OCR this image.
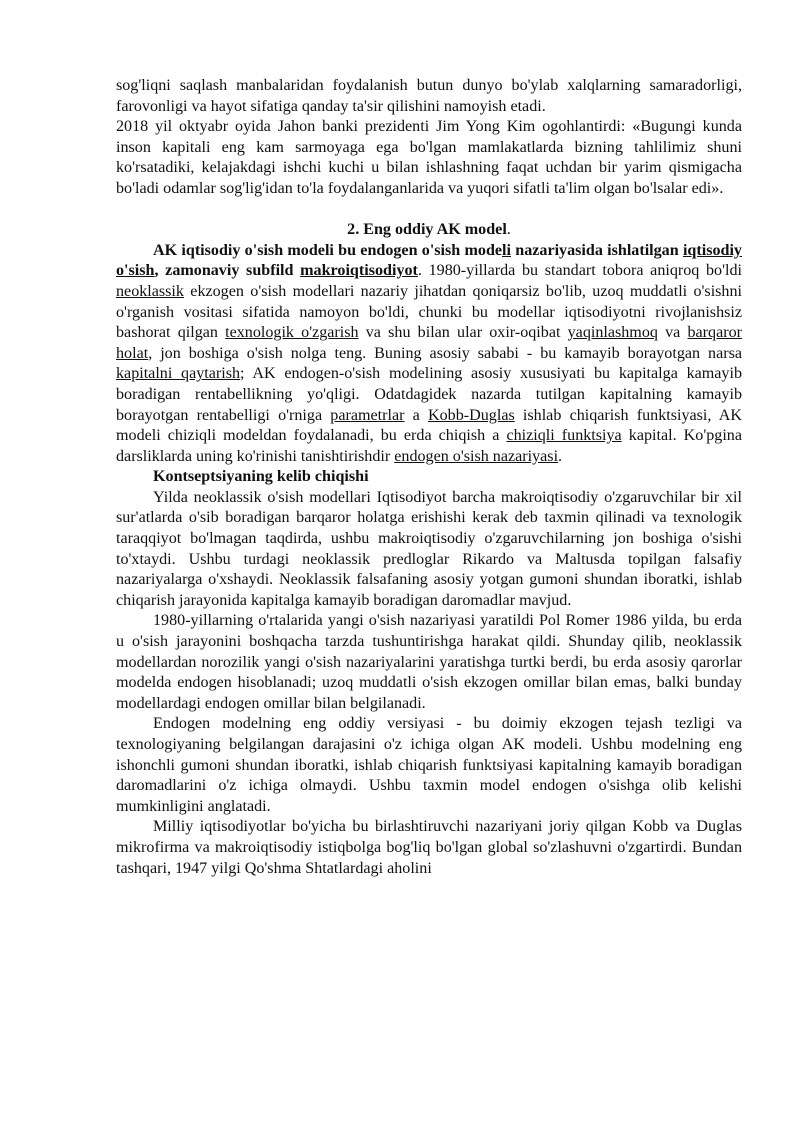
sog'liqni saqlash manbalaridan foydalanish butun dunyo bo'ylab xalqlarning samaradorligi, farovonligi va hayot sifatiga qanday ta'sir qilishini namoyish etadi.

2018 yil oktyabr oyida Jahon banki prezidenti Jim Yong Kim ogohlantirdi: «Bugungi kunda inson kapitali eng kam sarmoyaga ega bo'lgan mamlakatlarda bizning tahlilimiz shuni ko'rsatadiki, kelajakdagi ishchi kuchi u bilan ishlashning faqat uchdan bir yarim qismigacha bo'ladi odamlar sog'lig'idan to'la foydalanganlarida va yuqori sifatli ta'lim olgan bo'lsalar edi».

2. Eng oddiy AK model.

AK iqtisodiy o'sish modeli bu endogen o'sish modeli nazariyasida ishlatilgan iqtisodiy o'sish, zamonaviy subfild makroiqtisodiyot. 1980-yillarda bu standart tobora aniqroq bo'ldi neoklassik ekzogen o'sish modellari nazariy jihatdan qoniqarsiz bo'lib, uzoq muddatli o'sishni o'rganish vositasi sifatida namoyon bo'ldi, chunki bu modellar iqtisodiyotni rivojlanishsiz bashorat qilgan texnologik o'zgarish va shu bilan ular oxir-oqibat yaqinlashmoq va barqaror holat, jon boshiga o'sish nolga teng. Buning asosiy sababi - bu kamayib borayotgan narsa kapitalni qaytarish; AK endogen-o'sish modelining asosiy xususiyati bu kapitalga kamayib boradigan rentabellikning yo'qligi. Odatdagidek nazarda tutilgan kapitalning kamayib borayotgan rentabelligi o'rniga parametrlar a Kobb-Duglas ishlab chiqarish funktsiyasi, AK modeli chiziqli modeldan foydalanadi, bu erda chiqish a chiziqli funktsiya kapital. Ko'pgina darsliklarda uning ko'rinishi tanishtirishdir endogen o'sish nazariyasi.

Kontseptsiyaning kelib chiqishi

Yilda neoklassik o'sish modellari Iqtisodiyot barcha makroiqtisodiy o'zgaruvchilar bir xil sur'atlarda o'sib boradigan barqaror holatga erishishi kerak deb taxmin qilinadi va texnologik taraqqiyot bo'lmagan taqdirda, ushbu makroiqtisodiy o'zgaruvchilarning jon boshiga o'sishi to'xtaydi. Ushbu turdagi neoklassik predloglar Rikardo va Maltusda topilgan falsafiy nazariyalarga o'xshaydi. Neoklassik falsafaning asosiy yotgan gumoni shundan iboratki, ishlab chiqarish jarayonida kapitalga kamayib boradigan daromadlar mavjud.

1980-yillarning o'rtalarida yangi o'sish nazariyasi yaratildi Pol Romer 1986 yilda, bu erda u o'sish jarayonini boshqacha tarzda tushuntirishga harakat qildi. Shunday qilib, neoklassik modellardan norozilik yangi o'sish nazariyalarini yaratishga turtki berdi, bu erda asosiy qarorlar modelda endogen hisoblanadi; uzoq muddatli o'sish ekzogen omillar bilan emas, balki bunday modellardagi endogen omillar bilan belgilanadi.

Endogen modelning eng oddiy versiyasi - bu doimiy ekzogen tejash tezligi va texnologiyaning belgilangan darajasini o'z ichiga olgan AK modeli. Ushbu modelning eng ishonchli gumoni shundan iboratki, ishlab chiqarish funktsiyasi kapitalning kamayib boradigan daromadlarini o'z ichiga olmaydi. Ushbu taxmin model endogen o'sishga olib kelishi mumkinligini anglatadi.

Milliy iqtisodiyotlar bo'yicha bu birlashtiruvchi nazariyani joriy qilgan Kobb va Duglas mikrofirma va makroiqtisodiy istiqbolga bog'liq bo'lgan global so'zlashuvni o'zgartirdi. Bundan tashqari, 1947 yilgi Qo'shma Shtatlardagi aholini
